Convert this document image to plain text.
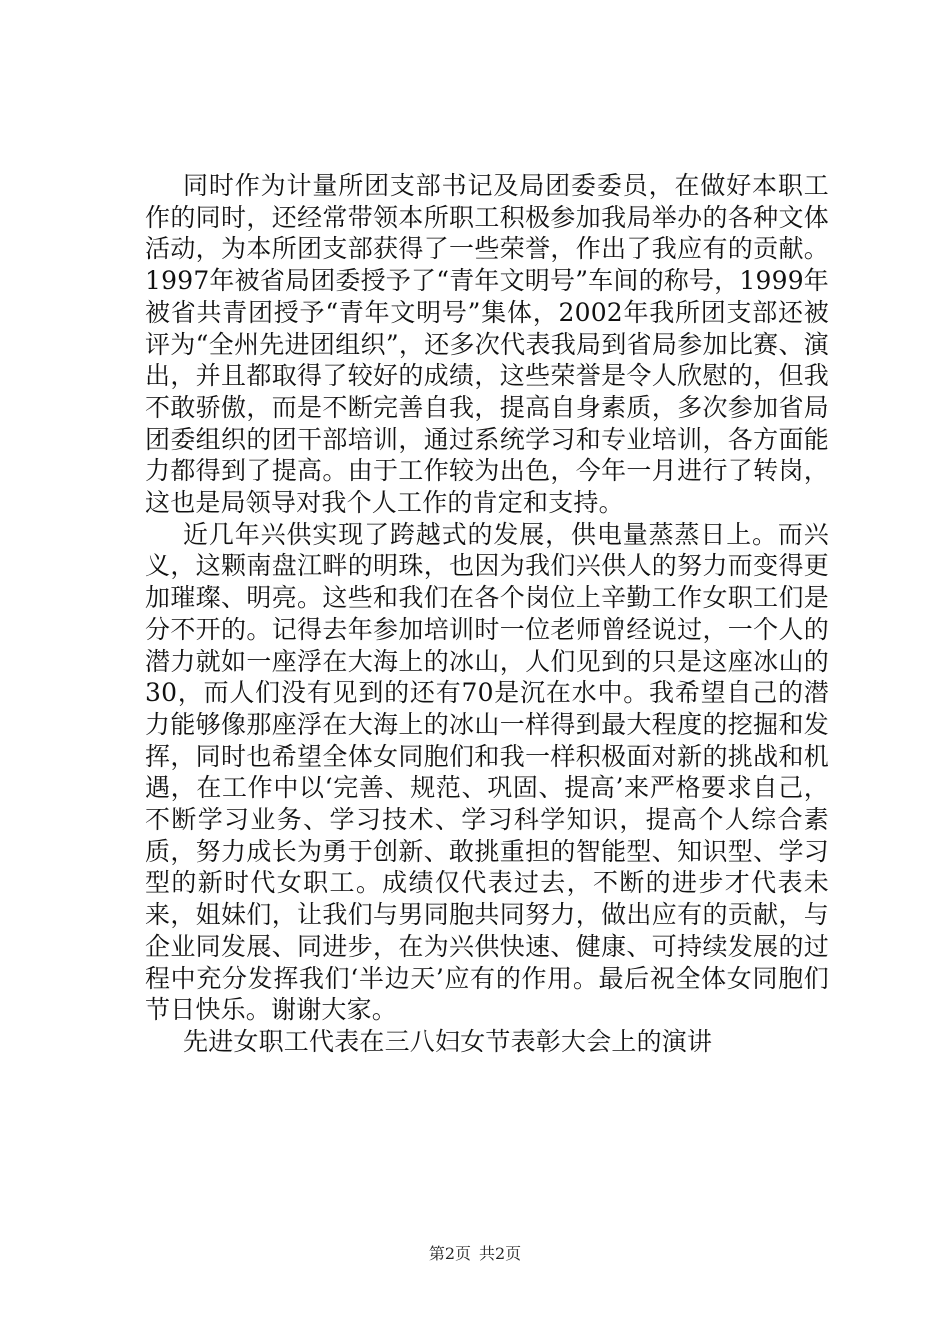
同时作为计量所团支部书记及局团委委员，在做好本职工作的同时，还经常带领本所职工积极参加我局举办的各种文体活动，为本所团支部获得了一些荣誉，作出了我应有的贡献。1997年被省局团委授予了“青年文明号”车间的称号，1999年被省共青团授予“青年文明号”集体，2002年我所团支部还被评为“全州先进团组织”，还多次代表我局到省局参加比赛、演出，并且都取得了较好的成绩，这些荣誉是令人欣慰的，但我不敢骄傲，而是不断完善自我，提高自身素质，多次参加省局团委组织的团干部培训，通过系统学习和专业培训，各方面能力都得到了提高。由于工作较为出色，今年一月进行了转岗，这也是局领导对我个人工作的肯定和支持。

近几年兴供实现了跨越式的发展，供电量蒸蒸日上。而兴义，这颗南盘江畔的明珠，也因为我们兴供人的努力而变得更加璀璨、明亮。这些和我们在各个岗位上辛勤工作女职工们是分不开的。记得去年参加培训时一位老师曾经说过，一个人的潜力就如一座浮在大海上的冰山，人们见到的只是这座冰山的30，而人们没有见到的还有70是沉在水中。我希望自己的潜力能够像那座浮在大海上的冰山一样得到最大程度的挖掘和发挥，同时也希望全体女同胞们和我一样积极面对新的挑战和机遇，在工作中以‘完善、规范、巩固、提高’来严格要求自己，不断学习业务、学习技术、学习科学知识，提高个人综合素质，努力成长为勇于创新、敢挑重担的智能型、知识型、学习型的新时代女职工。成绩仅代表过去，不断的进步才代表未来，姐妹们，让我们与男同胞共同努力，做出应有的贡献，与企业同发展、同进步，在为兴供快速、健康、可持续发展的过程中充分发挥我们‘半边天’应有的作用。最后祝全体女同胞们节日快乐。谢谢大家。

先进女职工代表在三八妇女节表彰大会上的演讲

第2页 共2页
